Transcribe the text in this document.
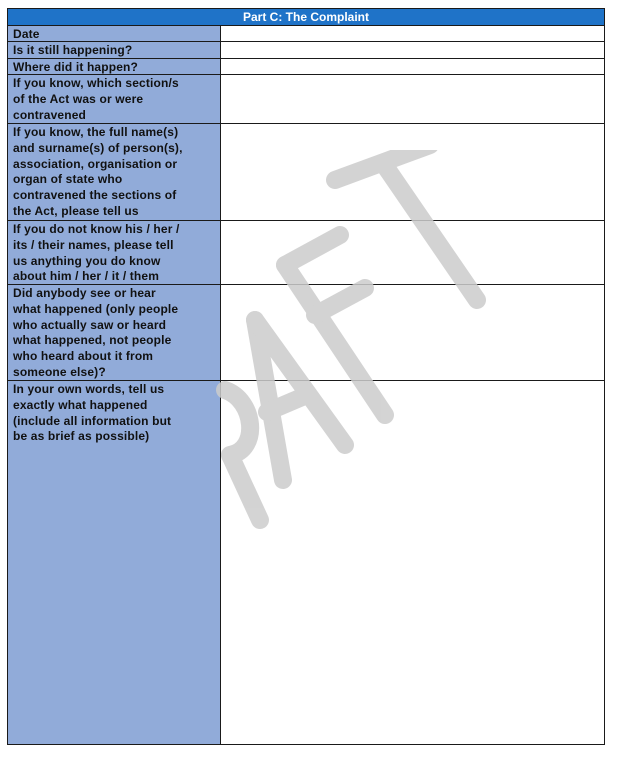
Part C: The Complaint
Date
Is it still happening?
Where did it happen?
If you know, which section/s
of the Act was or were
contravened
If you know, the full name(s)
and surname(s) of person(s),
association, organisation or
organ of state who
contravened the sections of
the Act, please tell us
If you do not know his / her /
its / their names, please tell
us anything you do know
about him / her / it / them
Did anybody see or hear
what happened (only people
who actually saw or heard
what happened, not people
who heard about it from
someone else)?
In your own words, tell us
exactly what happened
(include all information but
be as brief as possible)
